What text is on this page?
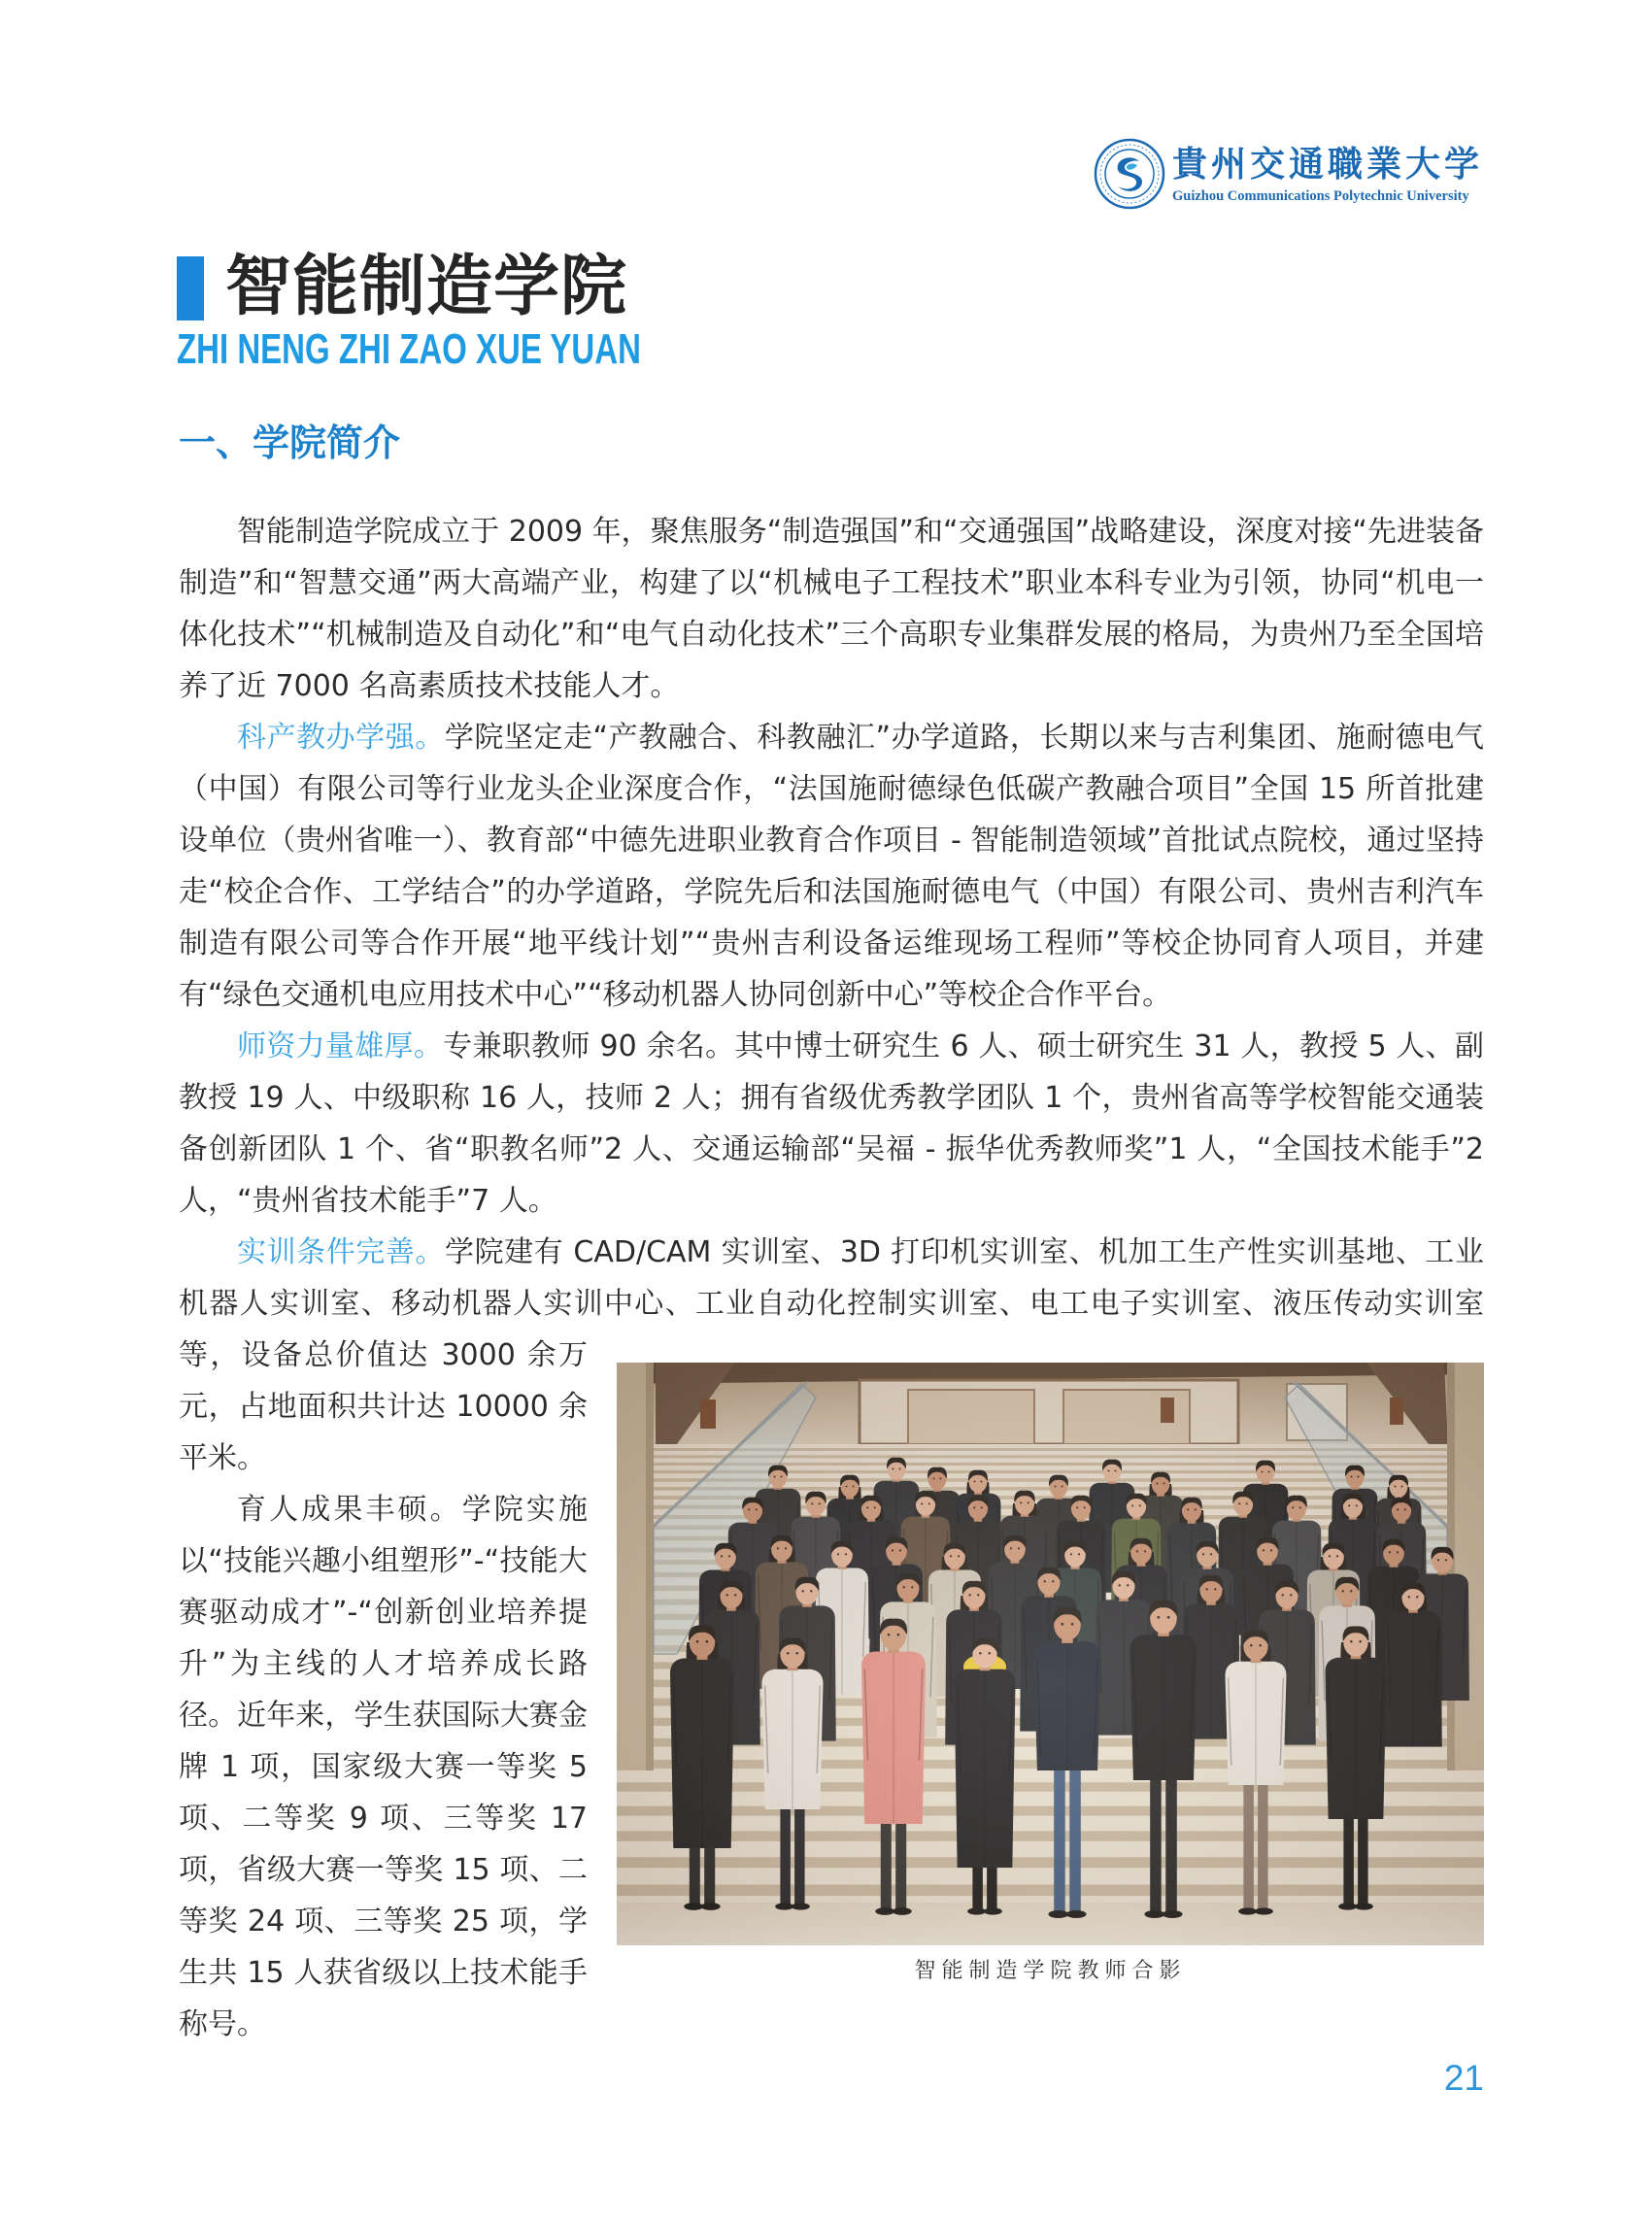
貴州交通職業大学
Guizhou Communications Polytechnic University
智能制造学院
ZHI NENG ZHI ZAO XUE YUAN
一、学院简介
智能制造学院教师合影

智能制造学院成立于 2009 年，聚焦服务“制造强国”和“交通强国”战略建设，深度对接“先进装备制造”和“智慧交通”两大高端产业，构建了以“机械电子工程技术”职业本科专业为引领，协同“机电一体化技术”“机械制造及自动化”和“电气自动化技术”三个高职专业集群发展的格局，为贵州乃至全国培养了近 7000 名高素质技术技能人才。

科产教办学强。学院坚定走“产教融合、科教融汇”办学道路，长期以来与吉利集团、施耐德电气（中国）有限公司等行业龙头企业深度合作，“法国施耐德绿色低碳产教融合项目”全国 15 所首批建设单位（贵州省唯一）、教育部“中德先进职业教育合作项目 - 智能制造领域”首批试点院校，通过坚持走“校企合作、工学结合”的办学道路，学院先后和法国施耐德电气（中国）有限公司、贵州吉利汽车制造有限公司等合作开展“地平线计划”“贵州吉利设备运维现场工程师”等校企协同育人项目，并建有“绿色交通机电应用技术中心”“移动机器人协同创新中心”等校企合作平台。

师资力量雄厚。专兼职教师 90 余名。其中博士研究生 6 人、硕士研究生 31 人，教授 5 人、副教授 19 人、中级职称 16 人，技师 2 人；拥有省级优秀教学团队 1 个，贵州省高等学校智能交通装备创新团队 1 个、省“职教名师”2 人、交通运输部“吴福 - 振华优秀教师奖”1 人，“全国技术能手”2 人，“贵州省技术能手”7 人。

实训条件完善。学院建有 CAD/CAM 实训室、3D 打印机实训室、机加工生产性实训基地、工业机器人实训室、移动机器人实训中心、工业自动化控制实训室、电工电子实训室、液压传动实训室等，设备总价值达 3000 余万元，占地面积共计达 10000 余平米。

育人成果丰硕。学院实施以“技能兴趣小组塑形”-“技能大赛驱动成才”-“创新创业培养提升”为主线的人才培养成长路径。近年来，学生获国际大赛金牌 1 项，国家级大赛一等奖 5 项、二等奖 9 项、三等奖 17 项，省级大赛一等奖 15 项、二等奖 24 项、三等奖 25 项，学生共 15 人获省级以上技术能手称号。

21
